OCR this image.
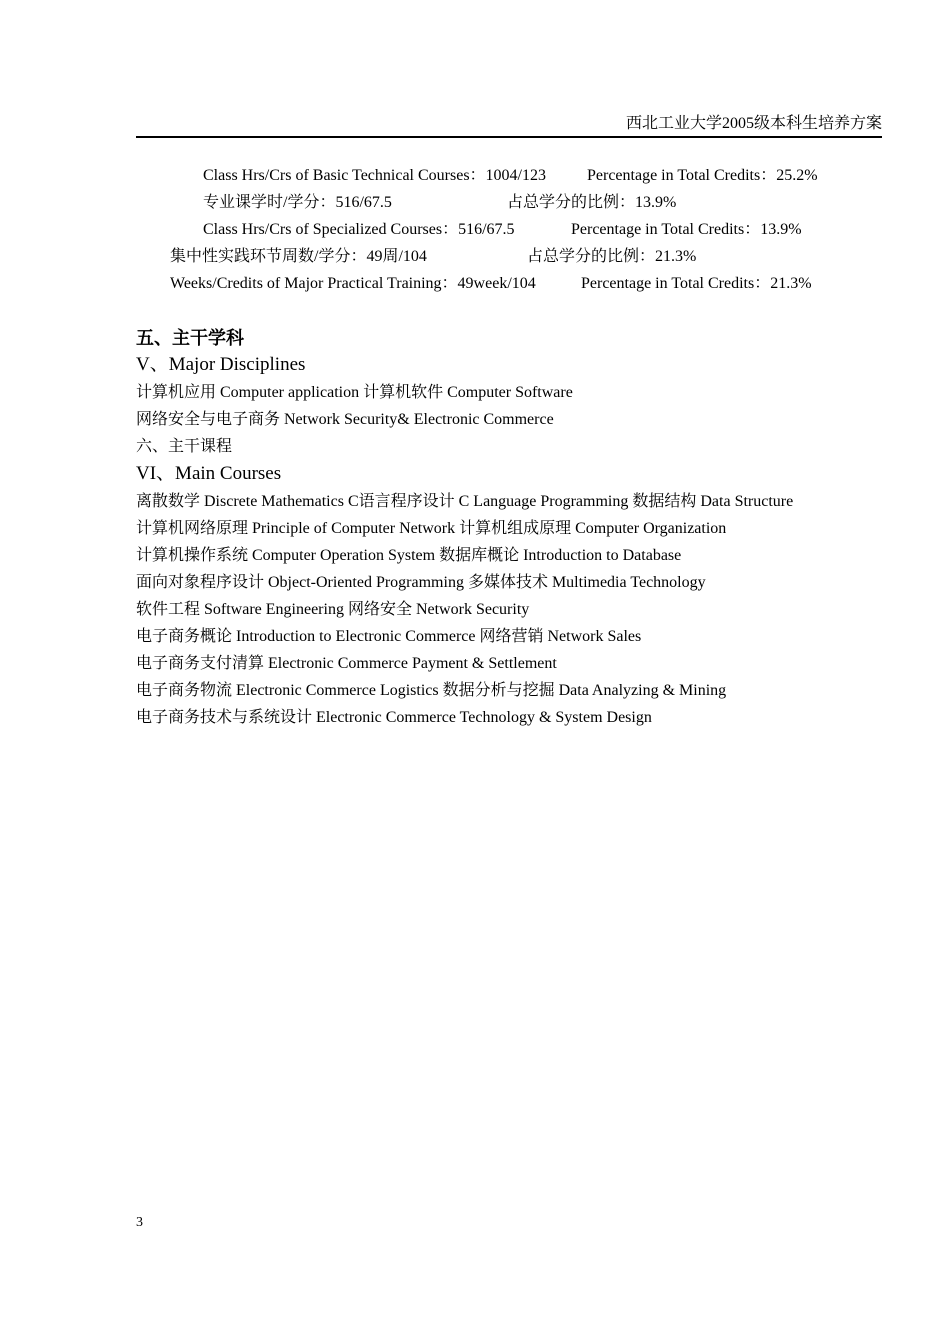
西北工业大学2005级本科生培养方案
Class Hrs/Crs of Basic Technical Courses：1004/123	Percentage in Total Credits：25.2%
专业课学时/学分：516/67.5	占总学分的比例：13.9%
Class Hrs/Crs of Specialized Courses：516/67.5	Percentage in Total Credits：13.9%
集中性实践环节周数/学分：49周/104	占总学分的比例：21.3%
Weeks/Credits of Major Practical Training：49week/104	Percentage in Total Credits：21.3%
五、主干学科
V、Major Disciplines
计算机应用 Computer application 计算机软件 Computer Software
网络安全与电子商务 Network Security& Electronic Commerce
六、主干课程
VI、Main Courses
离散数学 Discrete Mathematics C语言程序设计 C Language Programming 数据结构 Data Structure
计算机网络原理 Principle of Computer Network 计算机组成原理 Computer Organization
计算机操作系统 Computer Operation System 数据库概论 Introduction to Database
面向对象程序设计 Object-Oriented Programming 多媒体技术 Multimedia Technology
软件工程 Software Engineering 网络安全 Network Security
电子商务概论 Introduction to Electronic Commerce 网络营销 Network Sales
电子商务支付清算 Electronic Commerce Payment & Settlement
电子商务物流 Electronic Commerce Logistics 数据分析与挖掘 Data Analyzing & Mining
电子商务技术与系统设计 Electronic Commerce Technology & System Design
3
